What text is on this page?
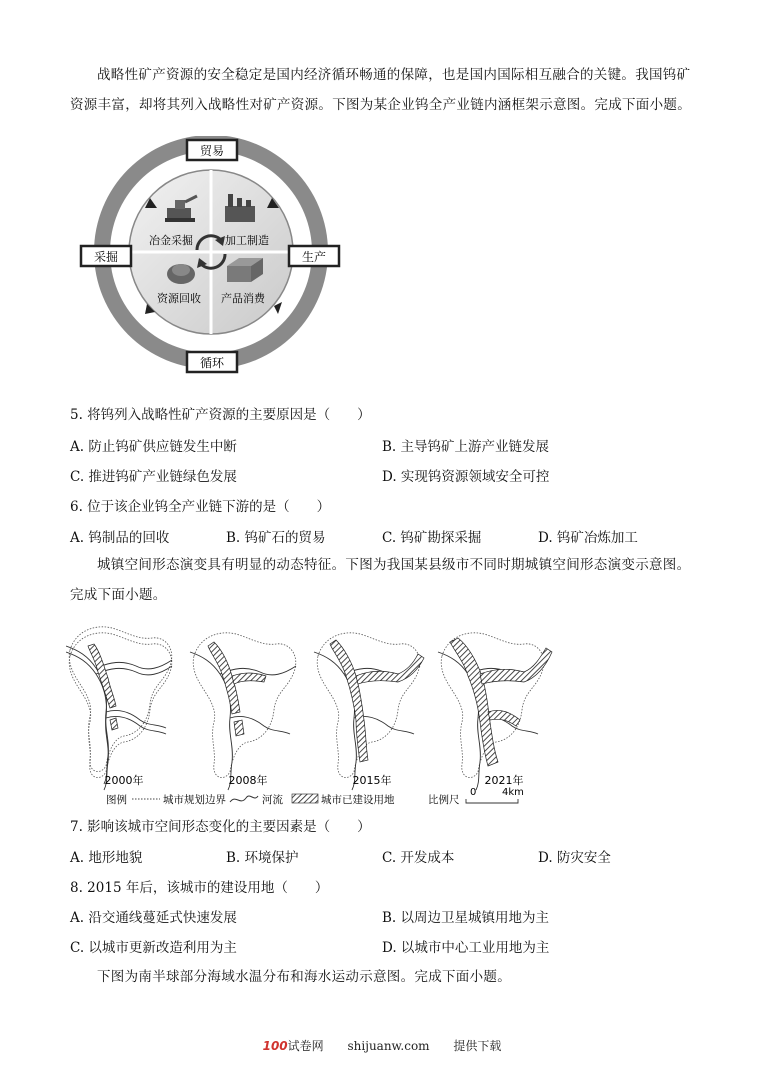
战略性矿产资源的安全稳定是国内经济循环畅通的保障，也是国内国际相互融合的关键。我国钨矿资源丰富，却将其列入战略性对矿产资源。下图为某企业钨全产业链内涵框架示意图。完成下面小题。
冶金采掘	加工制造
资源回收 产品消费
贸易
采掘	生产
循环
5. 将钨列入战略性矿产资源的主要原因是（　　）
A. 防止钨矿供应链发生中断	B. 主导钨矿上游产业链发展
C. 推进钨矿产业链绿色发展	D. 实现钨资源领域安全可控
6. 位于该企业钨全产业链下游的是（　　）
A. 钨制品的回收	B. 钨矿石的贸易	C. 钨矿勘探采掘	D. 钨矿冶炼加工
城镇空间形态演变具有明显的动态特征。下图为我国某县级市不同时期城镇空间形态演变示意图。完成下面小题。
2000年	2008年	2015年	2021年
图例	城市规划边界	河流	城市已建设用地	比例尺
0	4km
7. 影响该城市空间形态变化的主要因素是（　　）
A. 地形地貌	B. 环境保护	C. 开发成本	D. 防灾安全
8. 2015 年后，该城市的建设用地（　　）
A. 沿交通线蔓延式快速发展	B. 以周边卫星城镇用地为主
C. 以城市更新改造利用为主	D. 以城市中心工业用地为主
下图为南半球部分海域水温分布和海水运动示意图。完成下面小题。
100试卷网 shijuanw.com 提供下载
